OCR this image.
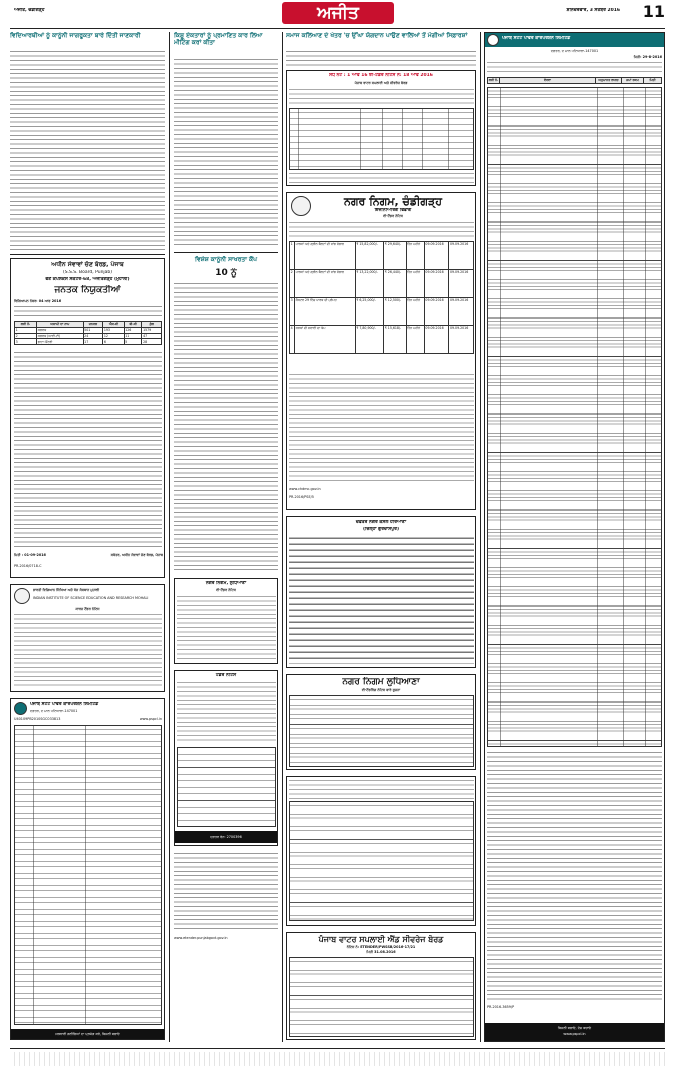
ਅਜੀਤ, ਚੰਡੀਗੜ੍ਹ	ਅਜੀਤ	ਸ਼ਨਿੱਚਰਵਾਰ, 3 ਸਤੰਬਰ 2016	11
ਵਿਦਿਆਰਥੀਆਂ ਨੂੰ ਕਾਨੂੰਨੀ ਜਾਗਰੂਕਤਾ ਬਾਰੇ ਦਿੱਤੀ ਜਾਣਕਾਰੀ
ਅਧੀਨ ਸੇਵਾਵਾਂ ਚੋਣ ਬੋਰਡ, ਪੰਜਾਬ
(S.S.S. Board, Punjab)
ਵਣ ਕੰਪਲੈਕਸ ਸੈਕਟਰ-68, ਅਜੀਤਗੜ੍ਹ (ਮੁਹਾਲੀ)
ਜਨਤਕ ਨਿਯੁਕਤੀਆਂ
ਵਿਗਿਆਪਨ ਨੰਬਰ: 04 ਆਫ 2016
ਲੜੀ ਨੰ.	ਅਸਾਮੀ ਦਾ ਨਾਮ	ਜਨਰਲ	ਐਸ.ਸੀ	ਬੀ.ਸੀ	ਕੁੱਲ
1	ਕਲਰਕ	501	193	126	1579
2	ਕਲਰਕ (ਆਈ.ਟੀ)	24	12	11	47
3	ਡਾਟਾ ਐਂਟਰੀ	17	6	5	28
ਮਿਤੀ : 01-09-2016	ਸਕੱਤਰ, ਅਧੀਨ ਸੇਵਾਵਾਂ ਚੋਣ ਬੋਰਡ, ਪੰਜਾਬ
PR-2016/0718-C
ਭਾਰਤੀ ਵਿਗਿਆਨ ਸਿੱਖਿਆ ਅਤੇ ਖੋਜ ਸੰਸਥਾਨ ਮੁਹਾਲੀ
INDIAN INSTITUTE OF SCIENCE EDUCATION AND RESEARCH MOHALI
ਕਾਰਜ ਟੈਂਡਰ ਨੋਟਿਸ
ਪੰਜਾਬ ਸਟੇਟ ਪਾਵਰ ਕਾਰਪੋਰੇਸ਼ਨ ਲਿਮਟਿਡ
ਦਫ਼ਤਰ, ਦ ਮਾਲ ਪਟਿਆਲਾ-147001
U40109PB2010SGC033813	www.pspcl.in
ਸਰਕਾਰੀ ਗਲੀਚਿਆਂ ਦਾ ਪ੍ਰਯੋਗ ਕਰੋ, ਬਿਜਲੀ ਬਚਾਓ
ਕਿਸ਼ੂ ਏਕਤਾਰਾਂ ਨੂੰ ਪ੍ਰਮਾਣਿਤ ਕਾਰ ਲਿਆ ਮੀਟਿੰਗ ਕਰਾਂ ਕੀਤਾ
ਵਿਸ਼ੇਸ਼ ਕਾਨੂੰਨੀ ਸਾਖਰਤਾ ਕੈਂਪ
10 ਨੂੰ
ਨਗਰ ਨਿਗਮ, ਲੁਧਿਆਣਾ
ਈ-ਟੈਂਡਰ ਨੋਟਿਸ
ਟੈਂਡਰ ਨੋਟਿਸ
ਦਫ਼ਤਰ ਫੋਨ: 2700396
www.etender.punjabgovt.gov.in
ਸਮਾਜ ਕਲਿਆਣ ਦੇ ਖੇਤਰ 'ਚ ਉੱਘਾ ਯੋਗਦਾਨ ਪਾਉਣ ਵਾਲਿਆਂ ਤੋਂ ਮੰਗੀਆਂ ਸਿਫ਼ਾਰਸ਼ਾਂ
ਸੋਧ ਨੋਟ : 1 ਆਫ 16 ਈ-ਟੈਂਡਰ ਨੋਟਿਸ ਨੰ: 18 ਆਫ 2016
ਪੰਜਾਬ ਵਾਟਰ ਸਪਲਾਈ ਅਤੇ ਸੀਵਰੇਜ ਬੋਰਡ
ਨਗਰ ਨਿਗਮ, ਚੰਡੀਗੜ੍ਹ
ਇੰਜੀਨੀਅਰਿੰਗ ਵਿਭਾਗ
ਈ-ਟੈਂਡਰ ਨੋਟਿਸ
1	ਪਾਰਕਾਂ ਅਤੇ ਗ੍ਰੀਨ ਬੈਲਟਾਂ ਦੀ ਸਾਂਭ ਸੰਭਾਲ	₹ 15,82,000/-	₹ 29,640/-	ਤਿੰਨ ਮਹੀਨੇ	09.09.2016	09.09.2016
2	ਪਾਰਕਾਂ ਅਤੇ ਗ੍ਰੀਨ ਬੈਲਟਾਂ ਦੀ ਸਾਂਭ ਸੰਭਾਲ	₹ 13,22,000/-	₹ 26,440/-	ਤਿੰਨ ਮਹੀਨੇ	09.09.2016	09.09.2016
3	ਸੈਕਟਰ 29 ਵਿੱਚ ਪਾਰਕ ਦੀ ਮੁਰੰਮਤ	₹ 6,25,000/-	₹ 12,500/-	ਤਿੰਨ ਮਹੀਨੇ	09.09.2016	09.09.2016
4	ਸੜਕਾਂ ਦੀ ਸਫਾਈ ਦਾ ਕੰਮ	₹ 7,80,900/-	₹ 15,618/-	ਤਿੰਨ ਮਹੀਨੇ	09.09.2016	09.09.2016
www.chdmc.gov.in
PR-2016/PSE/5
ਦਫ਼ਤਰ ਨਗਰ ਕੌਂਸਲ ਹਰਿਆਣਾ
(ਜ਼ਿਲ੍ਹਾ ਗੁਰਦਾਸਪੁਰ)
ਨਗਰ ਨਿਗਮ ਲੁਧਿਆਣਾ
ਈ-ਟੈਂਡਰਿੰਗ ਨੋਟਿਸ ਬਾਰੇ ਸੂਚਨਾ
ਪੰਜਾਬ ਵਾਟਰ ਸਪਲਾਈ ਐਂਡ ਸੀਵਰੇਜ ਬੋਰਡ
ਨੋਟਿਸ ਨੰ: ETENDER/PWSSB/2016-17/21
ਮਿਤੀ 31.08.2016
ਪੰਜਾਬ ਸਟੇਟ ਪਾਵਰ ਕਾਰਪੋਰੇਸ਼ਨ ਲਿਮਟਿਡ
ਦਫ਼ਤਰ, ਦ ਮਾਲ ਪਟਿਆਲਾ-147001
ਮਿਤੀ: 29-8-2016
ਲੜੀ ਨੰ.	ਵੇਰਵਾ	ਅਨੁਮਾਨਤ ਲਾਗਤ	ਜਮਾਂ ਰਕਮ	ਮਿਤੀ
PR-2016-3659/P
ਬਿਜਲੀ ਬਚਾਓ, ਦੇਸ਼ ਬਚਾਓ
www.pspcl.in
